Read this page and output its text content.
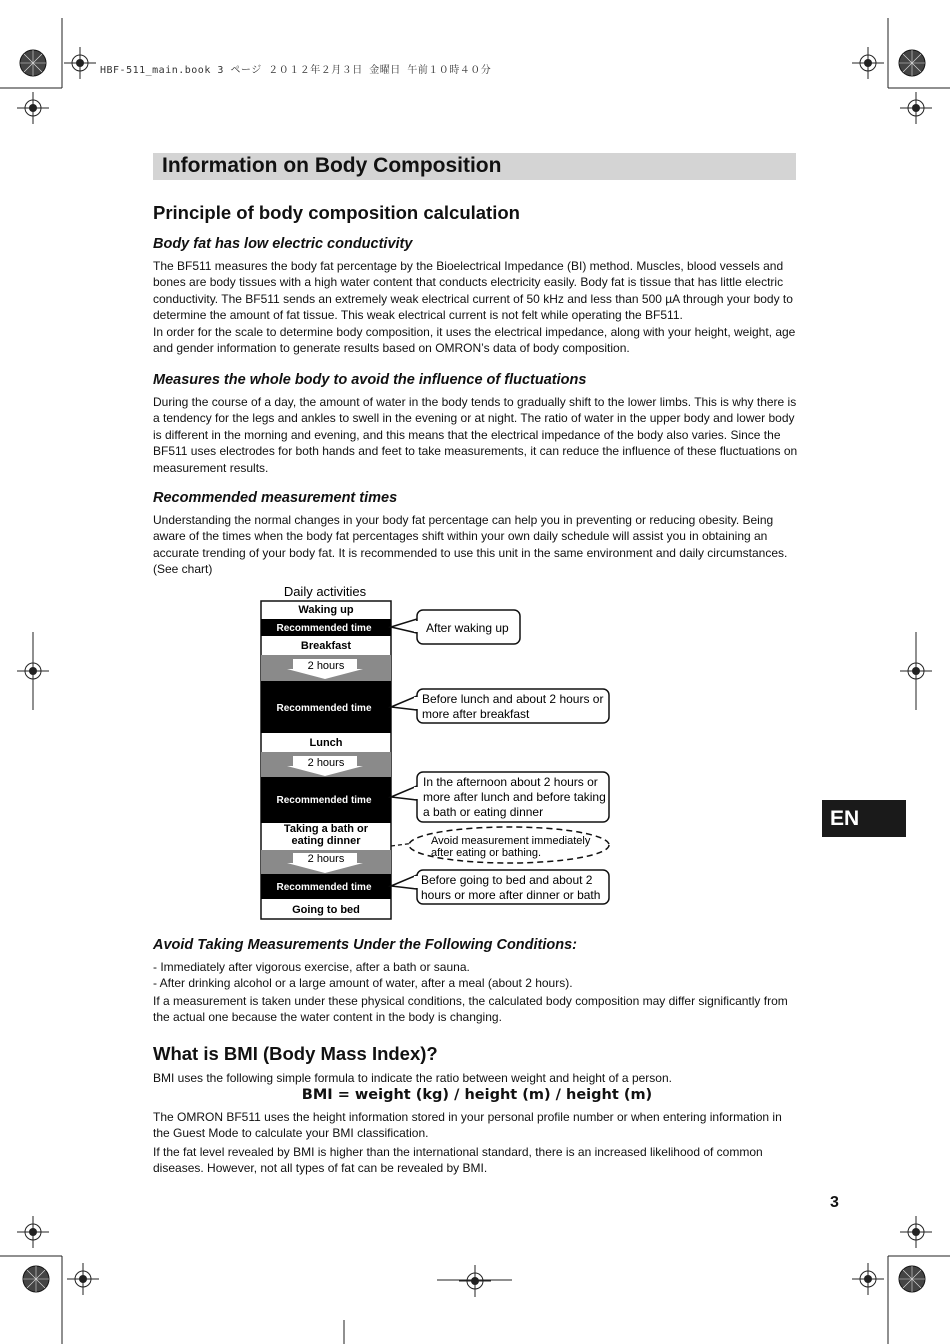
HBF-511_main.book 3 ページ ２０１２年２月３日 金曜日 午前１０時４０分
Information on Body Composition
Principle of body composition calculation
Body fat has low electric conductivity

The BF511 measures the body fat percentage by the Bioelectrical Impedance (BI) method. Muscles, blood vessels and bones are body tissues with a high water content that conducts electricity easily. Body fat is tissue that has little electric conductivity. The BF511 sends an extremely weak electrical current of 50 kHz and less than 500 µA through your body to determine the amount of fat tissue. This weak electrical current is not felt while operating the BF511.

In order for the scale to determine body composition, it uses the electrical impedance, along with your height, weight, age and gender information to generate results based on OMRON’s data of body composition.

Measures the whole body to avoid the influence of fluctuations

During the course of a day, the amount of water in the body tends to gradually shift to the lower limbs. This is why there is a tendency for the legs and ankles to swell in the evening or at night. The ratio of water in the upper body and lower body is different in the morning and evening, and this means that the electrical impedance of the body also varies. Since the BF511 uses electrodes for both hands and feet to take measurements, it can reduce the influence of these fluctuations on measurement results.

Recommended measurement times

Understanding the normal changes in your body fat percentage can help you in preventing or reducing obesity. Being aware of the times when the body fat percentages shift within your own daily schedule will assist you in obtaining an accurate trending of your body fat. It is recommended to use this unit in the same environment and daily circumstances. (See chart)

Daily activities
Waking up
Recommended time
Breakfast
2 hours
Recommended time
Lunch
2 hours
Recommended time
Taking a bath or
eating dinner
2 hours
Recommended time
Going to bed
After waking up
Before lunch and about 2 hours or
more after breakfast
In the afternoon about 2 hours or
more after lunch and before taking
a bath or eating dinner
Avoid measurement immediately
after eating or bathing.
Before going to bed and about 2
hours or more after dinner or bath
Avoid Taking Measurements Under the Following Conditions:
- Immediately after vigorous exercise, after a bath or sauna.
- After drinking alcohol or a large amount of water, after a meal (about 2 hours).

If a measurement is taken under these physical conditions, the calculated body composition may differ significantly from the actual one because the water content in the body is changing.

What is BMI (Body Mass Index)?

BMI uses the following simple formula to indicate the ratio between weight and height of a person.

BMI = weight (kg) / height (m) / height (m)

The OMRON BF511 uses the height information stored in your personal profile number or when entering information in the Guest Mode to calculate your BMI classification.

If the fat level revealed by BMI is higher than the international standard, there is an increased likelihood of common diseases. However, not all types of fat can be revealed by BMI.

EN
3
